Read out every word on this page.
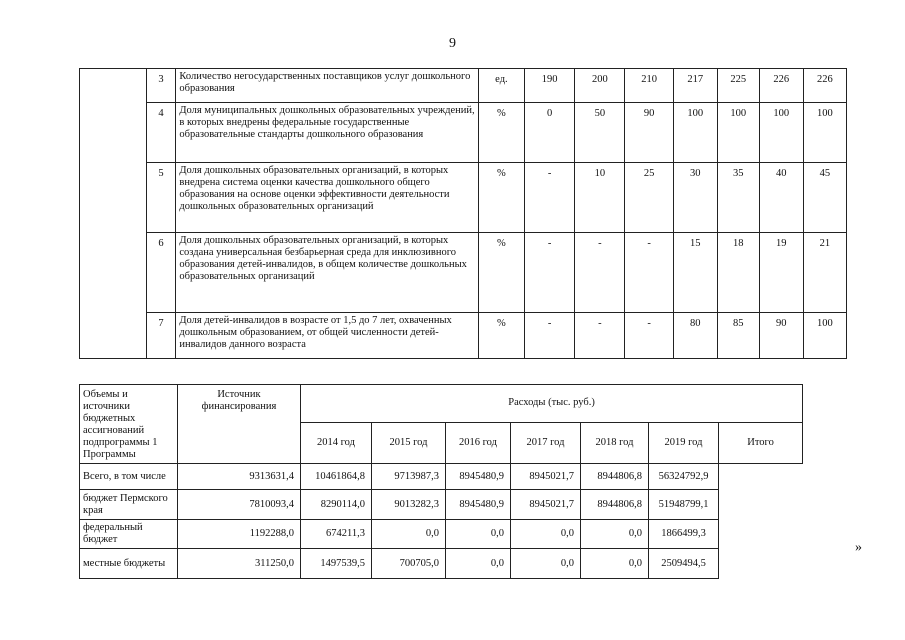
9
	3	Количество негосударственных поставщиков услуг дошкольного образования	ед.	190	200	210	217	225	226	226
	4	Доля муниципальных дошкольных образовательных учреждений, в которых внедрены федеральные государственные образовательные стандарты дошкольного образования	%	0	50	90	100	100	100	100
	5	Доля дошкольных образовательных организаций, в которых внедрена система оценки качества дошкольного общего образования на основе оценки эффективности деятельности дошкольных образовательных организаций	%	-	10	25	30	35	40	45
	6	Доля дошкольных образовательных организаций, в которых создана универсальная безбарьерная среда для инклюзивного образования детей-инвалидов, в общем количестве дошкольных образовательных организаций	%	-	-	-	15	18	19	21
	7	Доля детей-инвалидов в возрасте от 1,5 до 7 лет, охваченных дошкольным образованием, от общей численности детей-инвалидов данного возраста	%	-	-	-	80	85	90	100
Объемы и источники бюджетных ассигнований подпрограммы 1 Программы	Источник финансирования	Расходы (тыс. руб.)						
		2014 год	2015 год	2016 год	2017 год	2018 год	2019 год	Итого
Всего, в том числе	9313631,4	10461864,8	9713987,3	8945480,9	8945021,7	8944806,8	56324792,9	
бюджет Пермского края	7810093,4	8290114,0	9013282,3	8945480,9	8945021,7	8944806,8	51948799,1	
федеральный бюджет	1192288,0	674211,3	0,0	0,0	0,0	0,0	1866499,3	
местные бюджеты	311250,0	1497539,5	700705,0	0,0	0,0	0,0	2509494,5	
»
